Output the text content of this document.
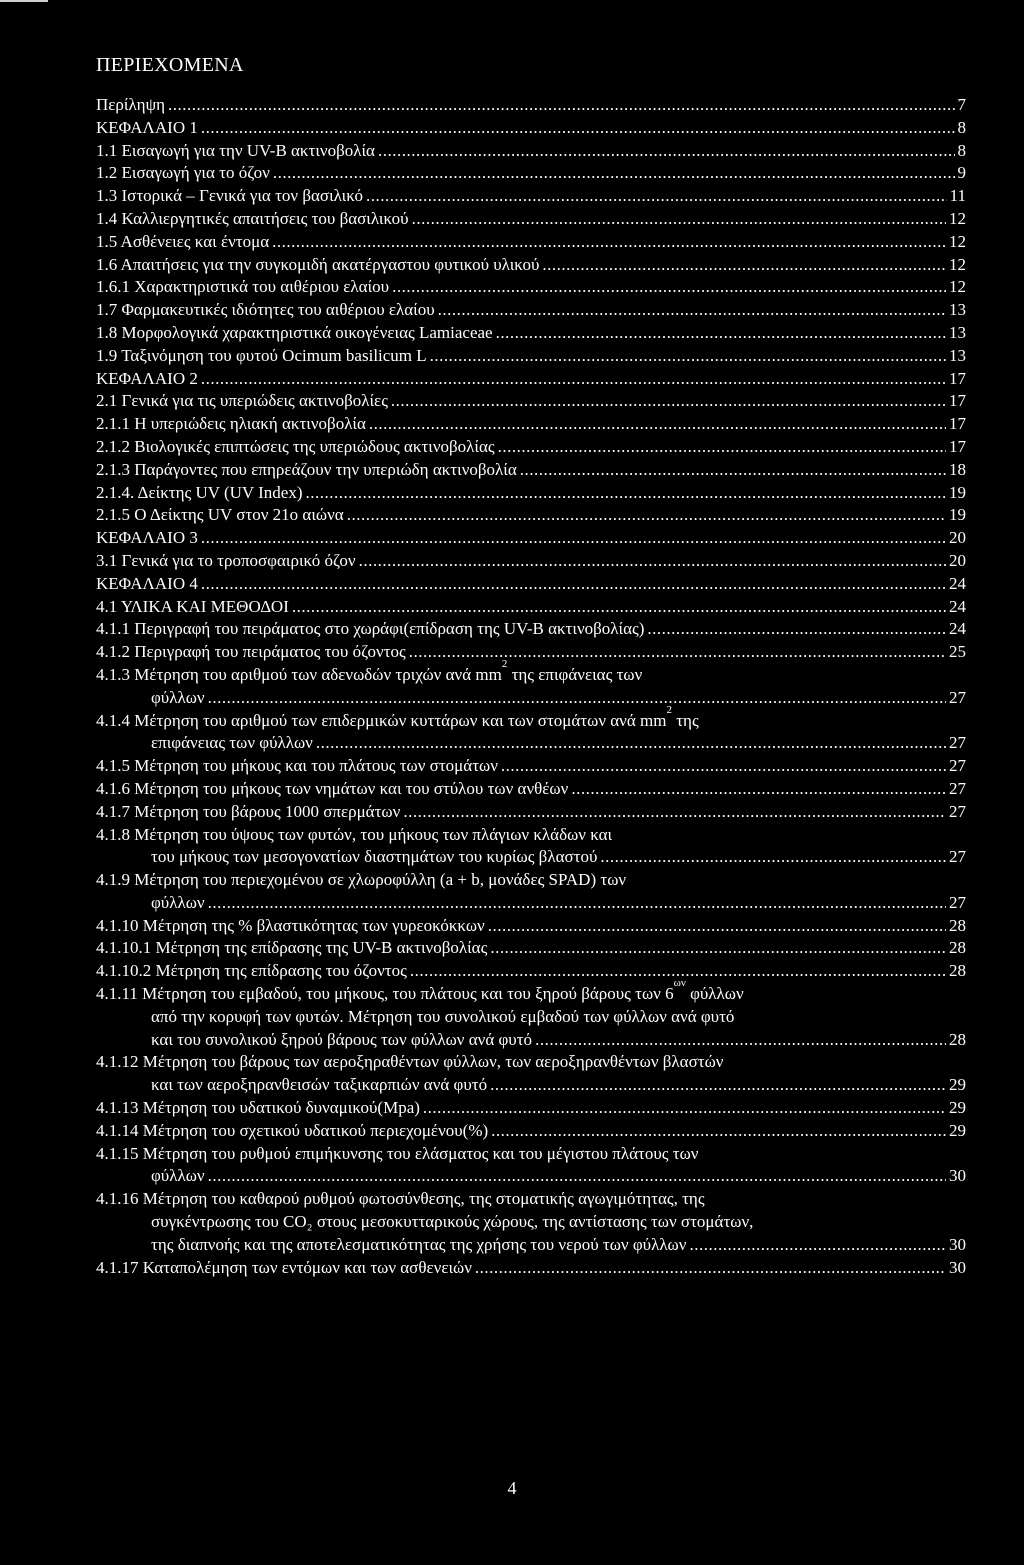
ΠΕΡΙΕΧΟΜΕΝΑ
Περίληψη .....	7
ΚΕΦΑΛΑΙΟ 1 .....	8
1.1 Εισαγωγή για την UV-B ακτινοβολία .....	8
1.2 Εισαγωγή για το όζον .....	9
1.3 Ιστορικά – Γενικά για τον βασιλικό .....	11
1.4 Καλλιεργητικές απαιτήσεις του βασιλικού .....	12
1.5 Ασθένειες και έντομα .....	12
1.6 Απαιτήσεις για την συγκομιδή ακατέργαστου φυτικού υλικού .....	12
1.6.1 Χαρακτηριστικά του αιθέριου ελαίου .....	12
1.7 Φαρμακευτικές ιδιότητες του αιθέριου ελαίου .....	13
1.8 Μορφολογικά χαρακτηριστικά οικογένειας Lamiaceae .....	13
1.9 Ταξινόμηση του φυτού Ocimum basilicum L .....	13
ΚΕΦΑΛΑΙΟ 2 .....	17
2.1 Γενικά για τις υπεριώδεις ακτινοβολίες .....	17
2.1.1 Η υπεριώδεις ηλιακή ακτινοβολία .....	17
2.1.2 Βιολογικές επιπτώσεις της υπεριώδους ακτινοβολίας .....	17
2.1.3 Παράγοντες που επηρεάζουν την υπεριώδη ακτινοβολία .....	18
2.1.4. Δείκτης UV (UV Index) .....	19
2.1.5 Ο Δείκτης UV στον 21ο αιώνα .....	19
ΚΕΦΑΛΑΙΟ 3 .....	20
3.1 Γενικά για το τροποσφαιρικό όζον .....	20
ΚΕΦΑΛΑΙΟ 4 .....	24
4.1 ΥΛΙΚΑ ΚΑΙ ΜΕΘΟΔΟΙ .....	24
4.1.1 Περιγραφή του πειράματος στο χωράφι(επίδραση της UV-B ακτινοβολίας) .....	24
4.1.2 Περιγραφή του πειράματος του όζοντος .....	25
4.1.3 Μέτρηση του αριθμού των αδενωδών τριχών ανά mm
2
της επιφάνειας των
φύλλων .....	27
4.1.4 Μέτρηση του αριθμού των επιδερμικών κυττάρων και των στομάτων ανά mm
2
της
επιφάνειας των φύλλων .....	27
4.1.5 Μέτρηση του μήκους και του πλάτους των στομάτων .....	27
4.1.6 Μέτρηση του μήκους των νημάτων και του στύλου των ανθέων .....	27
4.1.7 Μέτρηση του βάρους 1000 σπερμάτων .....	27
4.1.8 Μέτρηση του ύψους των φυτών, του μήκους των πλάγιων κλάδων και
του μήκους των μεσογονατίων διαστημάτων του κυρίως βλαστού .....	27
4.1.9 Μέτρηση του περιεχομένου σε χλωροφύλλη (a + b, μονάδες SPAD) των
φύλλων .....	27
4.1.10 Μέτρηση της % βλαστικότητας των γυρεοκόκκων .....	28
4.1.10.1 Μέτρηση της επίδρασης της UV-B ακτινοβολίας .....	28
4.1.10.2 Μέτρηση της επίδρασης του όζοντος .....	28
4.1.11 Μέτρηση του εμβαδού, του μήκους, του πλάτους και του ξηρού βάρους των 6
ων
φύλλων
από την κορυφή των φυτών. Μέτρηση του συνολικού εμβαδού των φύλλων ανά φυτό
και του συνολικού ξηρού βάρους των φύλλων ανά φυτό .....	28
4.1.12 Μέτρηση του βάρους των αεροξηραθέντων φύλλων, των αεροξηρανθέντων βλαστών
και των αεροξηρανθεισών ταξικαρπιών ανά φυτό .....	29
4.1.13 Μέτρηση του υδατικού δυναμικού(Mpa) .....	29
4.1.14 Μέτρηση του σχετικού υδατικού περιεχομένου(%) .....	29
4.1.15 Μέτρηση του ρυθμού επιμήκυνσης του ελάσματος και του μέγιστου πλάτους των
φύλλων .....	30
4.1.16 Μέτρηση του καθαρού ρυθμού φωτοσύνθεσης, της στοματικής αγωγιμότητας, της
συγκέντρωσης του CO₂ στους μεσοκυτταρικούς χώρους, της αντίστασης των στομάτων,
της διαπνοής και της αποτελεσματικότητας της χρήσης του νερού των φύλλων .....	30
4.1.17 Καταπολέμηση των εντόμων και των ασθενειών .....	30
4
